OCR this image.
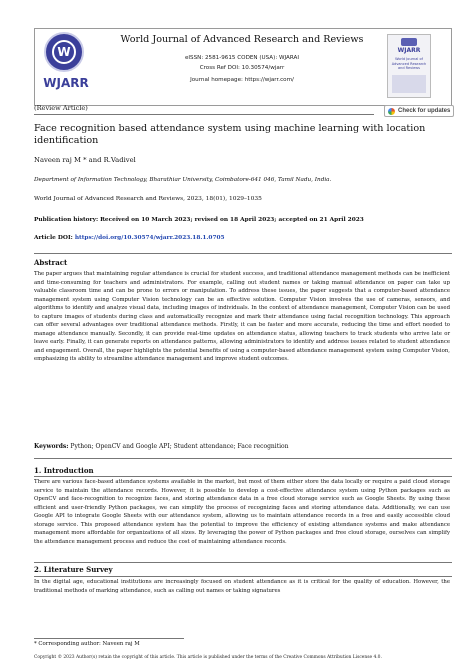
W
WJARR
World Journal of Advanced Research and Reviews
eISSN: 2581-9615 CODEN (USA): WJARAI
Cross Ref DOI: 10.30574/wjarr
Journal homepage: https://wjarr.com/
WJARR
World Journal of Advanced Research and Reviews
(Review Article)	Check for updates
Face recognition based attendance system using machine learning with location identification
Naveen raj M * and R.Vadivel
Department of Information Technology, Bharathiar University, Coimbatore-641 046, Tamil Nadu, India.
World Journal of Advanced Research and Reviews, 2023, 18(01), 1029–1035
Publication history: Received on 10 March 2023; revised on 18 April 2023; accepted on 21 April 2023
Article DOI: https://doi.org/10.30574/wjarr.2023.18.1.0705
Abstract
The paper argues that maintaining regular attendance is crucial for student success, and traditional attendance management methods can be inefficient and time-consuming for teachers and administrators. For example, calling out student names or taking manual attendance on paper can take up valuable classroom time and can be prone to errors or manipulation. To address these issues, the paper suggests that a computer-based attendance management system using Computer Vision technology can be an effective solution. Computer Vision involves the use of cameras, sensors, and algorithms to identify and analyze visual data, including images of individuals. In the context of attendance management, Computer Vision can be used to capture images of students during class and automatically recognize and mark their attendance using facial recognition technology. This approach can offer several advantages over traditional attendance methods. Firstly, it can be faster and more accurate, reducing the time and effort needed to manage attendance manually. Secondly, it can provide real-time updates on attendance status, allowing teachers to track students who arrive late or leave early. Finally, it can generate reports on attendance patterns, allowing administrators to identify and address issues related to student attendance and engagement. Overall, the paper highlights the potential benefits of using a computer-based attendance management system using Computer Vision, emphasizing its ability to streamline attendance management and improve student outcomes.
Keywords: Python; OpenCV and Google API; Student attendance; Face recognition
1. Introduction
There are various face-based attendance systems available in the market, but most of them either store the data locally or require a paid cloud storage service to maintain the attendance records. However, it is possible to develop a cost-effective attendance system using Python packages such as OpenCV and face-recognition to recognize faces, and storing attendance data in a free cloud storage service such as Google Sheets. By using these efficient and user-friendly Python packages, we can simplify the process of recognizing faces and storing attendance data. Additionally, we can use Google API to integrate Google Sheets with our attendance system, allowing us to maintain attendance records in a free and easily accessible cloud storage service. This proposed attendance system has the potential to improve the efficiency of existing attendance systems and make attendance management more affordable for organizations of all sizes. By leveraging the power of Python packages and free cloud storage, ourselves can simplify the attendance management process and reduce the cost of maintaining attendance records.
2. Literature Survey
In the digital age, educational institutions are increasingly focused on student attendance as it is critical for the quality of education. However, the traditional methods of marking attendance, such as calling out names or taking signatures
* Corresponding author: Naveen raj M
Copyright © 2023 Author(s) retain the copyright of this article. This article is published under the terms of the Creative Commons Attribution Liscense 4.0.
